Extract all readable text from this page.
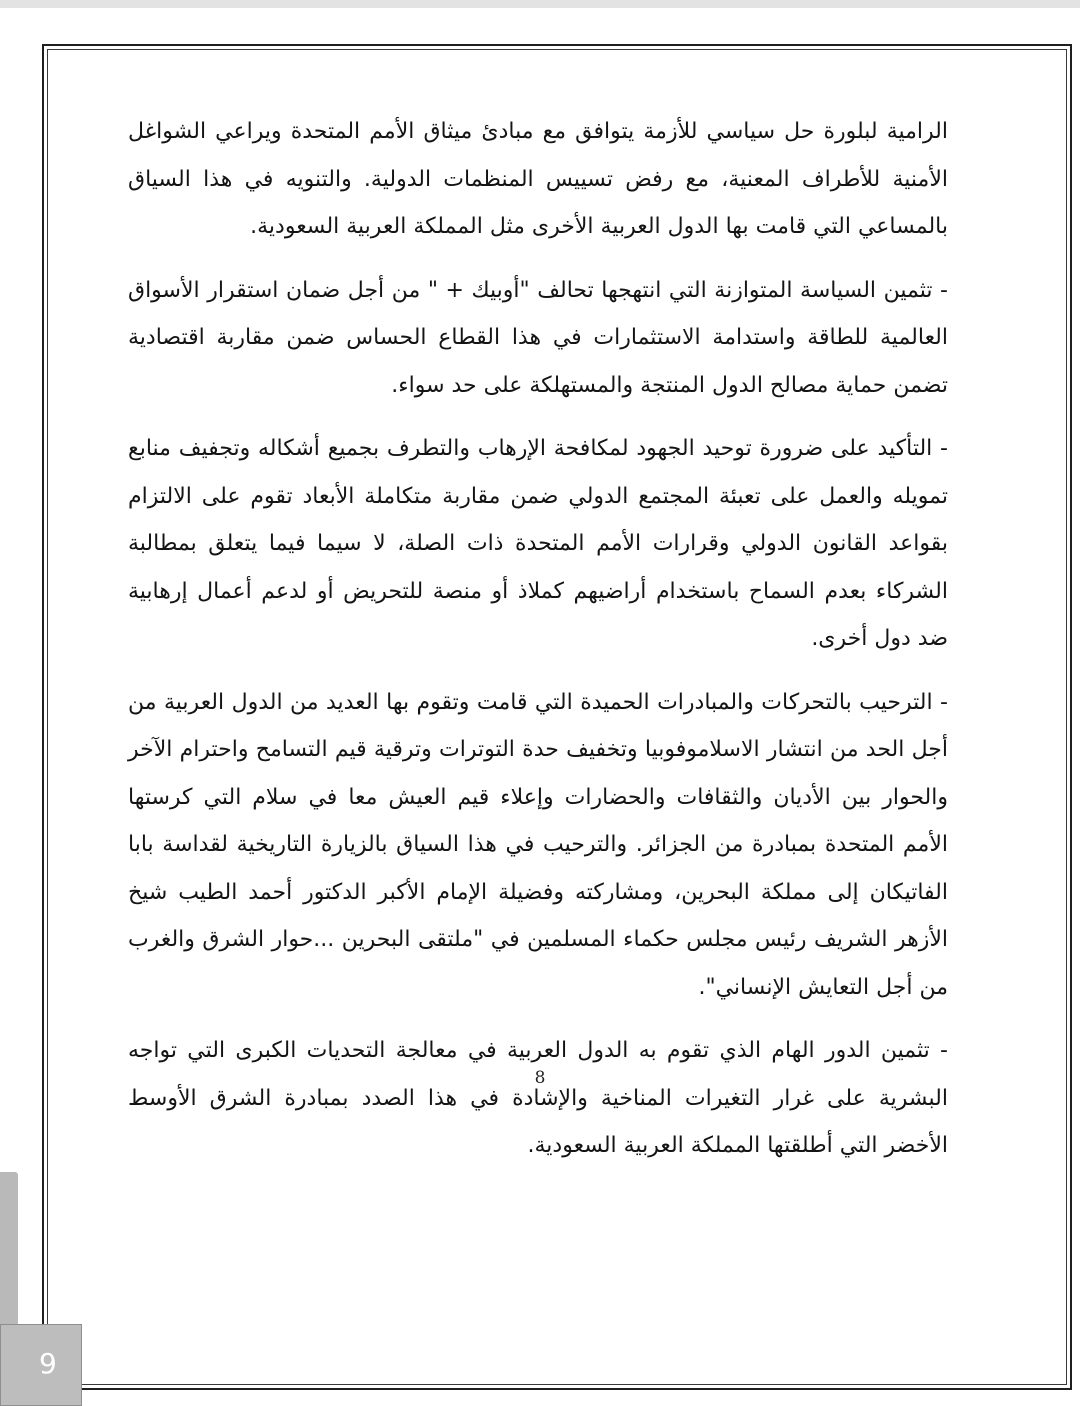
الرامية لبلورة حل سياسي للأزمة يتوافق مع مبادئ ميثاق الأمم المتحدة ويراعي الشواغل الأمنية للأطراف المعنية، مع رفض تسييس المنظمات الدولية. والتنويه في هذا السياق بالمساعي التي قامت بها الدول العربية الأخرى مثل المملكة العربية السعودية.

- تثمين السياسة المتوازنة التي انتهجها تحالف "أوبيك + " من أجل ضمان استقرار الأسواق العالمية للطاقة واستدامة الاستثمارات في هذا القطاع الحساس ضمن مقاربة اقتصادية تضمن حماية مصالح الدول المنتجة والمستهلكة على حد سواء.

- التأكيد على ضرورة توحيد الجهود لمكافحة الإرهاب والتطرف بجميع أشكاله وتجفيف منابع تمويله والعمل على تعبئة المجتمع الدولي ضمن مقاربة متكاملة الأبعاد تقوم على الالتزام بقواعد القانون الدولي وقرارات الأمم المتحدة ذات الصلة، لا سيما فيما يتعلق بمطالبة الشركاء بعدم السماح باستخدام أراضيهم كملاذ أو منصة للتحريض أو لدعم أعمال إرهابية ضد دول أخرى.

- الترحيب بالتحركات والمبادرات الحميدة التي قامت وتقوم بها العديد من الدول العربية من أجل الحد من انتشار الاسلاموفوبيا وتخفيف حدة التوترات وترقية قيم التسامح واحترام الآخر والحوار بين الأديان والثقافات والحضارات وإعلاء قيم العيش معا في سلام التي كرستها الأمم المتحدة بمبادرة من الجزائر. والترحيب في هذا السياق بالزيارة التاريخية لقداسة بابا الفاتيكان إلى مملكة البحرين، ومشاركته وفضيلة الإمام الأكبر الدكتور أحمد الطيب شيخ الأزهر الشريف رئيس مجلس حكماء المسلمين في "ملتقى البحرين ...حوار الشرق والغرب من أجل التعايش الإنساني".

- تثمين الدور الهام الذي تقوم به الدول العربية في معالجة التحديات الكبرى التي تواجه البشرية على غرار التغيرات المناخية والإشادة في هذا الصدد بمبادرة الشرق الأوسط الأخضر التي أطلقتها المملكة العربية السعودية.

8
9
